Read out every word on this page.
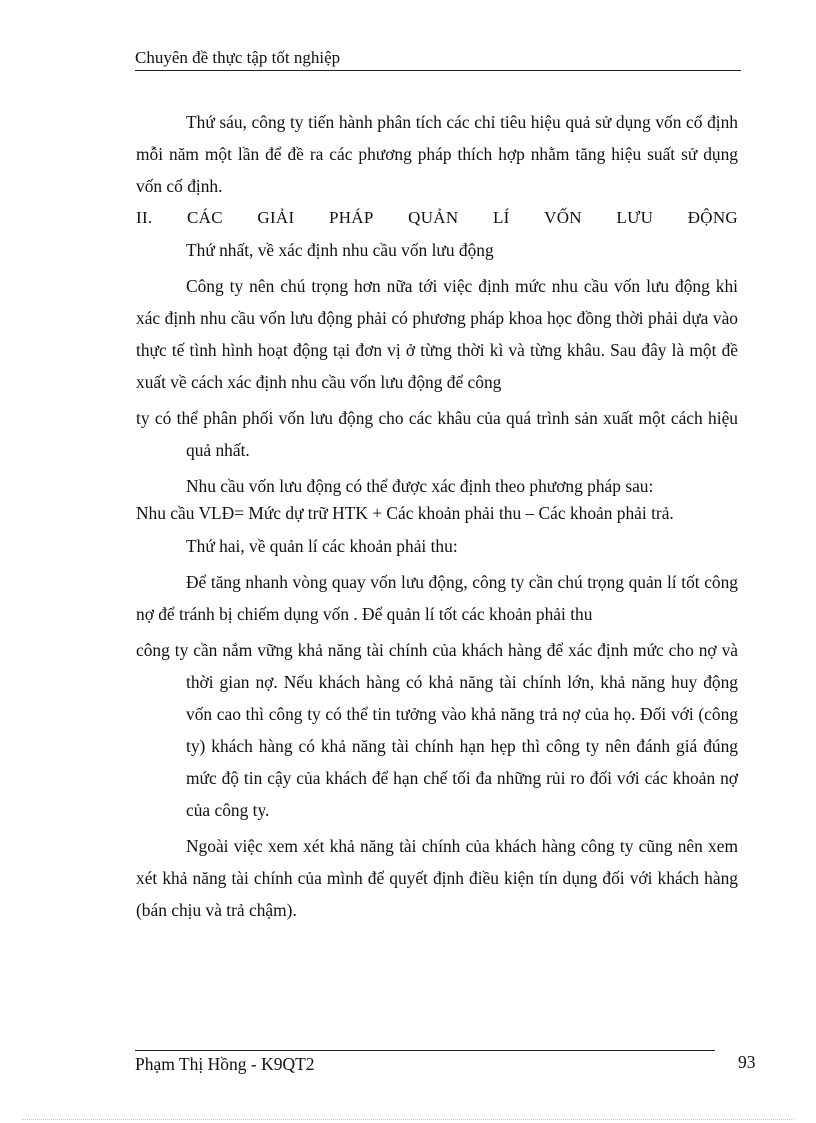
Chuyên đề thực tập tốt nghiệp

Thứ sáu, công ty tiến hành phân tích các chỉ tiêu hiệu quả sử dụng vốn cố định mỗi năm một lần để đề ra các phương pháp thích hợp nhằm tăng hiệu suất sử dụng vốn cố định.

II. CÁC GIẢI PHÁP QUẢN LÍ VỐN LƯU ĐỘNG

Thứ nhất, về xác định nhu cầu vốn lưu động

Công ty nên chú trọng hơn nữa tới việc định mức nhu cầu vốn lưu động khi xác định nhu cầu vốn lưu động phải có phương pháp khoa học đồng thời phải dựa vào thực tế tình hình hoạt động tại đơn vị ở từng thời kì và từng khâu. Sau đây là một đề xuất về cách xác định nhu cầu vốn lưu động để công

ty có thể phân phối vốn lưu động cho các khâu của quá trình sản xuất một cách hiệu quả nhất.

Nhu cầu vốn lưu động có thể được xác định theo phương pháp sau:

Nhu cầu VLĐ= Mức dự trữ HTK + Các khoản phải thu – Các khoản phải trả.

Thứ hai, về quản lí các khoản phải thu:

Để tăng nhanh vòng quay vốn lưu động, công ty cần chú trọng quản lí tốt công nợ để tránh bị chiếm dụng vốn . Để quản lí tốt các khoản phải thu

công ty cần nắm vững khả năng tài chính của khách hàng để xác định mức cho nợ và thời gian nợ. Nếu khách hàng có khả năng tài chính lớn, khả năng huy động vốn cao thì công ty có thể tin tưởng vào khả năng trả nợ của họ. Đối với (công ty) khách hàng có khả năng tài chính hạn hẹp thì công ty nên đánh giá đúng mức độ tin cậy của khách để hạn chế tối đa những rủi ro đối với các khoản nợ của công ty.

Ngoài việc xem xét khả năng tài chính của khách hàng công ty cũng nên xem xét khả năng tài chính của mình để quyết định điều kiện tín dụng đối với khách hàng (bán chịu và trả chậm).

Phạm Thị Hồng - K9QT2	93
